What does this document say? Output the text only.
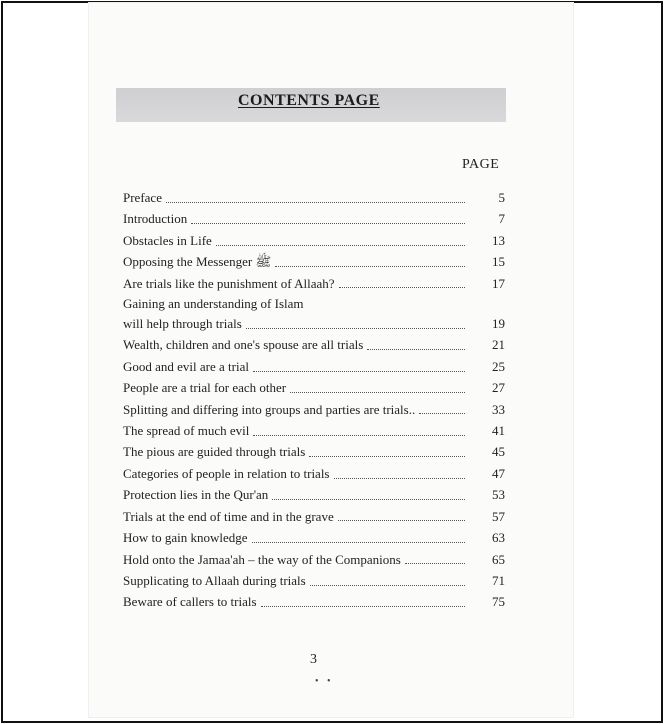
CONTENTS PAGE
PAGE
Preface	5
Introduction	7
Obstacles in Life	13
Opposing the Messenger ﷺ	15
Are trials like the punishment of Allaah?	17
Gaining an understanding of Islam
will help through trials	19
Wealth, children and one's spouse are all trials	21
Good and evil are a trial	25
People are a trial for each other	27
Splitting and differing into groups and parties are trials..	33
The spread of much evil	41
The pious are guided through trials	45
Categories of people in relation to trials	47
Protection lies in the Qur'an	53
Trials at the end of time and in the grave	57
How to gain knowledge	63
Hold onto the Jamaa'ah – the way of the Companions	65
Supplicating to Allaah during trials	71
Beware of callers to trials	75
3
• •
